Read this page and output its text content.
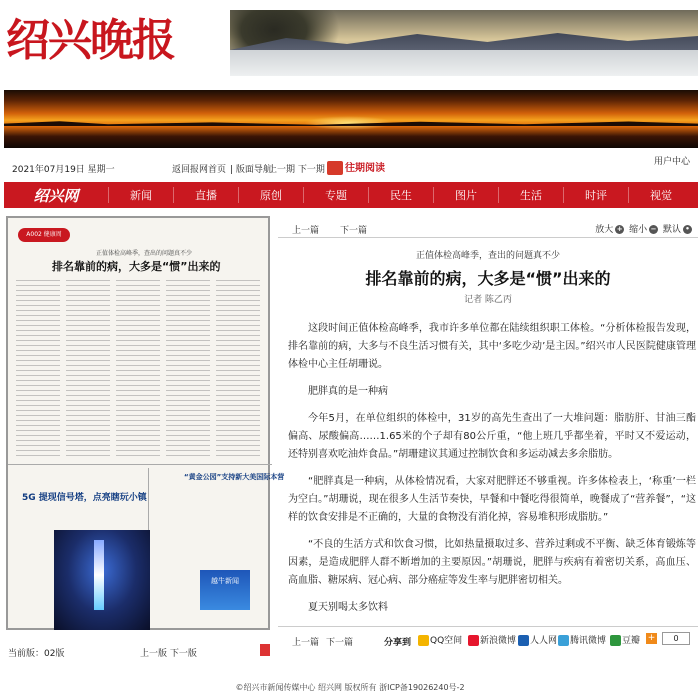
绍兴晚报
2021年07月19日 星期一	返回报网首页 | 版面导航
上一期 下一期	往期阅读
用户中心
绍兴网	新闻	直播	原创	专题	民生	图片	生活	时评	视觉
A002 健康周
正值体检高峰季，查出的问题真不少
排名靠前的病，大多是“惯”出来的
5G 提现信号塔，点亮瞎玩小镇
“黄金公园”支持新大美国际本营
越牛新闻
当前版：02版	上一版 下一版
上一篇 下一篇	放大 + 缩小 − 默认 •
正值体检高峰季，查出的问题真不少
排名靠前的病，大多是“惯”出来的
记者 陈乙丙

这段时间正值体检高峰季，我市许多单位都在陆续组织职工体检。“分析体检报告发现，排名靠前的病，大多与不良生活习惯有关，其中‘多吃少动’是主因。”绍兴市人民医院健康管理体检中心主任胡珊说。

肥胖真的是一种病

今年5月，在单位组织的体检中，31岁的高先生查出了一大堆问题：脂肪肝、甘油三酯偏高、尿酸偏高……1.65米的个子却有80公斤重，“他上班几乎都坐着，平时又不爱运动，还特别喜欢吃油炸食品。”胡珊建议其通过控制饮食和多运动减去多余脂肪。

“肥胖真是一种病，从体检情况看，大家对肥胖还不够重视。许多体检表上，‘称重’一栏为空白。”胡珊说，现在很多人生活节奏快，早餐和中餐吃得很简单，晚餐成了“营养餐”，“这样的饮食安排是不正确的，大量的食物没有消化掉，容易堆积形成脂肪。”

“不良的生活方式和饮食习惯，比如热量摄取过多、营养过剩或不平衡、缺乏体育锻炼等因素，是造成肥胖人群不断增加的主要原因。”胡珊说，肥胖与疾病有着密切关系，高血压、高血脂、糖尿病、冠心病、部分癌症等发生率与肥胖密切相关。

夏天别喝太多饮料

上一篇 下一篇	分享到	QQ空间	新浪微博	人人网	腾讯微博	豆瓣 +	0
©绍兴市新闻传媒中心 绍兴网 版权所有 浙ICP备19026240号-2
